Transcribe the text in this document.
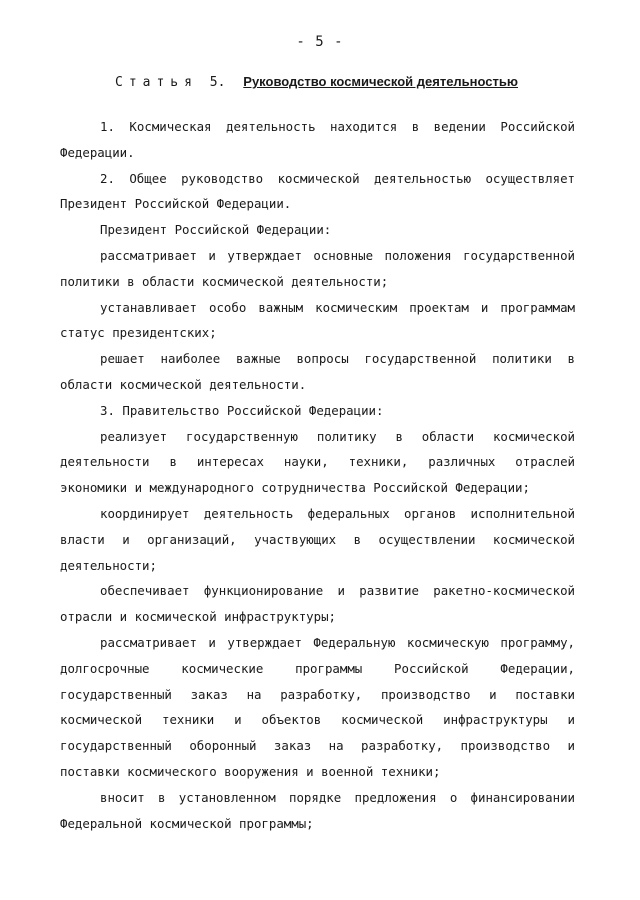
- 5 -
Статья 5. Руководство космической деятельностью
1. Космическая деятельность находится в ведении Российской
Федерации.
2. Общее руководство космической деятельностью осуществляет
Президент Российской Федерации.
Президент Российской Федерации:
рассматривает и утверждает основные положения государственной
политики в области космической деятельности;
устанавливает особо важным космическим проектам и программам
статус президентских;
решает наиболее важные вопросы государственной политики в
области космической деятельности.
3. Правительство Российской Федерации:
реализует государственную политику в области космической
деятельности в интересах науки, техники, различных отраслей
экономики и международного сотрудничества Российской Федерации;
координирует деятельность федеральных органов исполнительной
власти и организаций, участвующих в осуществлении космической
деятельности;
обеспечивает функционирование и развитие ракетно-космической
отрасли и космической инфраструктуры;
рассматривает и утверждает Федеральную космическую программу,
долгосрочные космические программы Российской Федерации,
государственный заказ на разработку, производство и поставки
космической техники и объектов космической инфраструктуры и
государственный оборонный заказ на разработку, производство и
поставки космического вооружения и военной техники;
вносит в установленном порядке предложения о финансировании
Федеральной космической программы;
